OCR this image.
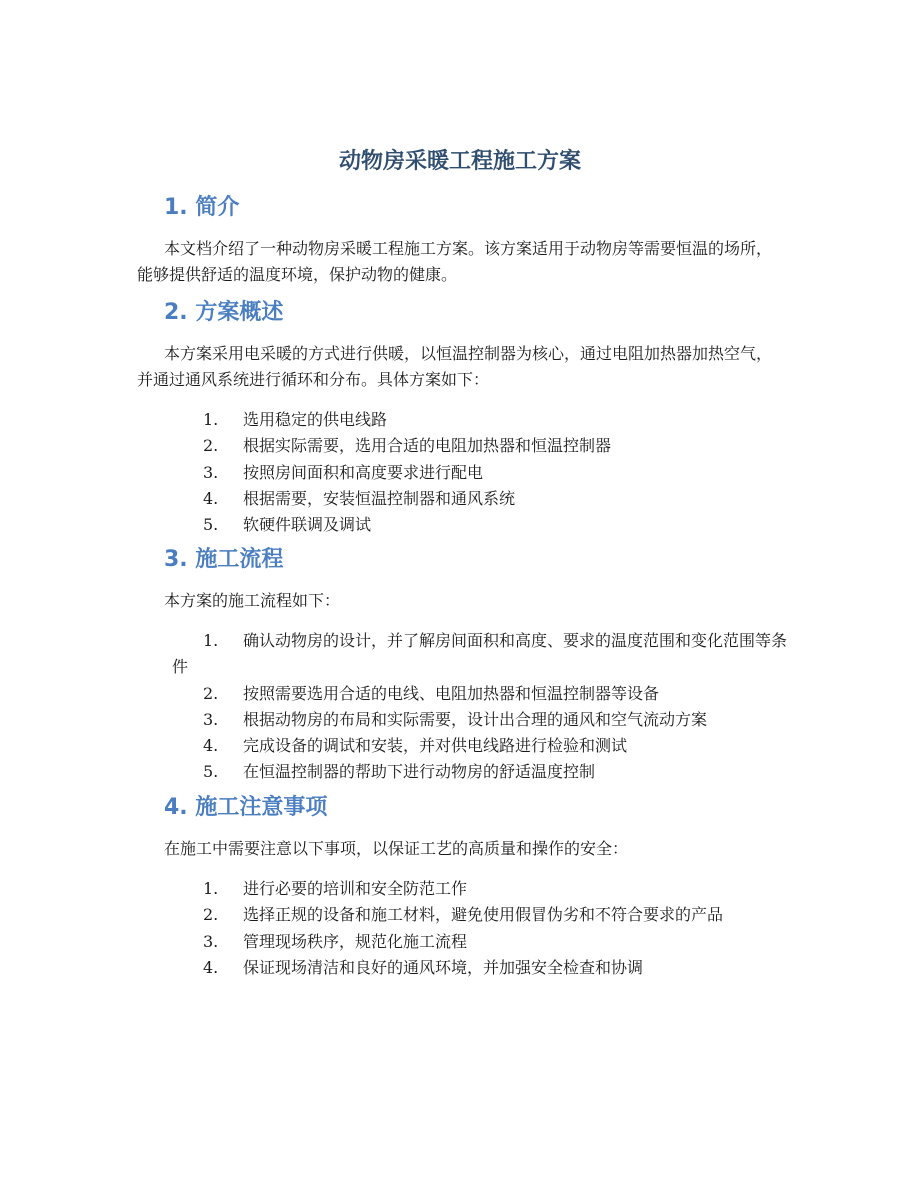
动物房采暖工程施工方案
1. 简介

本文档介绍了一种动物房采暖工程施工方案。该方案适用于动物房等需要恒温的场所，能够提供舒适的温度环境，保护动物的健康。

2. 方案概述

本方案采用电采暖的方式进行供暖，以恒温控制器为核心，通过电阻加热器加热空气，并通过通风系统进行循环和分布。具体方案如下：

1. 选用稳定的供电线路
2. 根据实际需要，选用合适的电阻加热器和恒温控制器
3. 按照房间面积和高度要求进行配电
4. 根据需要，安装恒温控制器和通风系统
5. 软硬件联调及调试
3. 施工流程

本方案的施工流程如下：

1. 确认动物房的设计，并了解房间面积和高度、要求的温度范围和变化范围等条件
2. 按照需要选用合适的电线、电阻加热器和恒温控制器等设备
3. 根据动物房的布局和实际需要，设计出合理的通风和空气流动方案
4. 完成设备的调试和安装，并对供电线路进行检验和测试
5. 在恒温控制器的帮助下进行动物房的舒适温度控制
4. 施工注意事项

在施工中需要注意以下事项，以保证工艺的高质量和操作的安全：

1. 进行必要的培训和安全防范工作
2. 选择正规的设备和施工材料，避免使用假冒伪劣和不符合要求的产品
3. 管理现场秩序，规范化施工流程
4. 保证现场清洁和良好的通风环境，并加强安全检查和协调
